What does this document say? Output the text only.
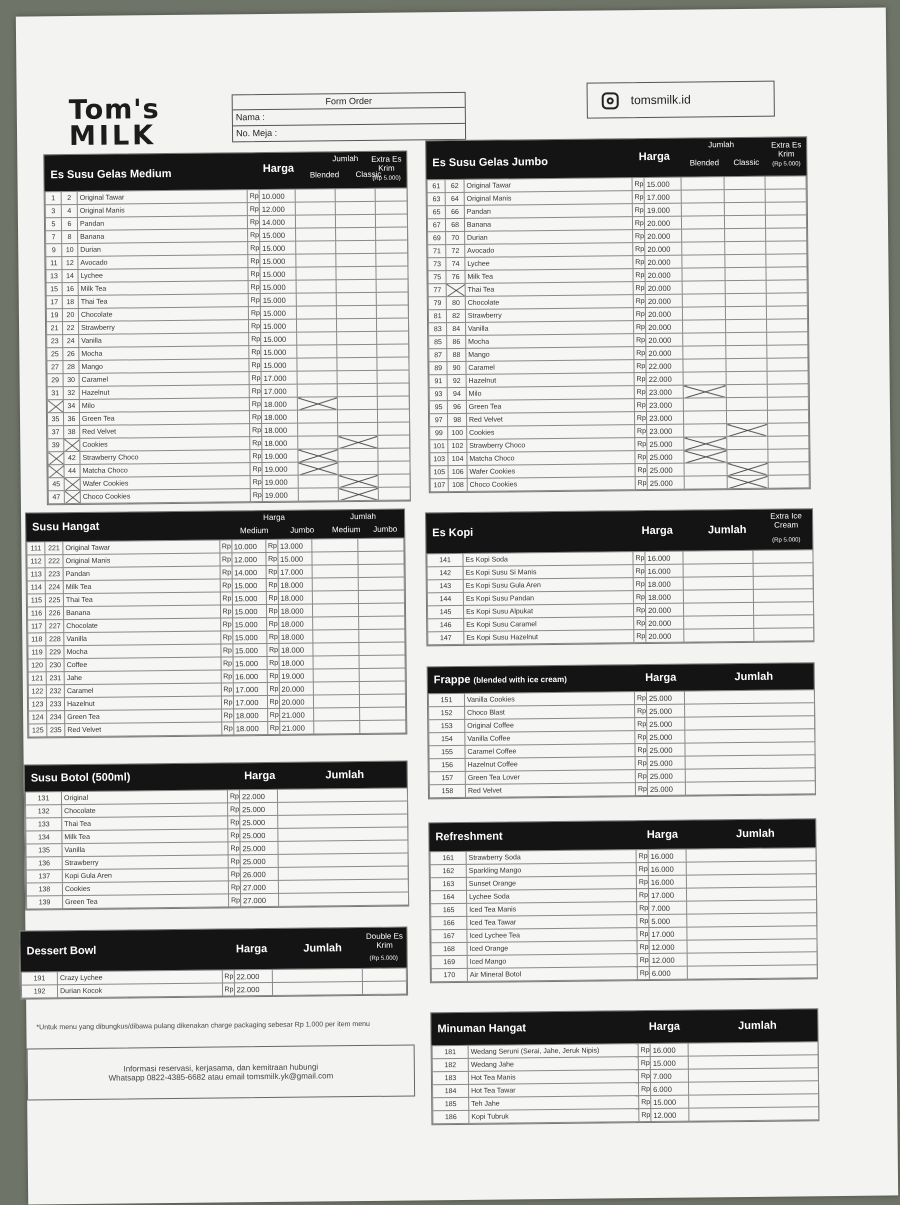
Tom's
MILK
Form Order
Nama :
No. Meja :
tomsmilk.id
Es Susu Gelas Medium	Harga
Jumlah
Blended	Classic
Extra Es Krim
(Rp 5.000)
1	2	Original Tawar	Rp	10.000			
3	4	Original Manis	Rp	12.000			
5	6	Pandan	Rp	14.000			
7	8	Banana	Rp	15.000			
9	10	Durian	Rp	15.000			
11	12	Avocado	Rp	15.000			
13	14	Lychee	Rp	15.000			
15	16	Milk Tea	Rp	15.000			
17	18	Thai Tea	Rp	15.000			
19	20	Chocolate	Rp	15.000			
21	22	Strawberry	Rp	15.000			
23	24	Vanilla	Rp	15.000			
25	26	Mocha	Rp	15.000			
27	28	Mango	Rp	15.000			
29	30	Caramel	Rp	17.000			
31	32	Hazelnut	Rp	17.000			
	34	Milo	Rp	18.000			
35	36	Green Tea	Rp	18.000			
37	38	Red Velvet	Rp	18.000			
39		Cookies	Rp	18.000			
	42	Strawberry Choco	Rp	19.000			
	44	Matcha Choco	Rp	19.000			
45		Wafer Cookies	Rp	19.000			
47		Choco Cookies	Rp	19.000			
Es Susu Gelas Jumbo	Harga
Jumlah
Blended	Classic
Extra Es Krim
(Rp 5.000)
61	62	Original Tawar	Rp	15.000			
63	64	Original Manis	Rp	17.000			
65	66	Pandan	Rp	19.000			
67	68	Banana	Rp	20.000			
69	70	Durian	Rp	20.000			
71	72	Avocado	Rp	20.000			
73	74	Lychee	Rp	20.000			
75	76	Milk Tea	Rp	20.000			
77		Thai Tea	Rp	20.000			
79	80	Chocolate	Rp	20.000			
81	82	Strawberry	Rp	20.000			
83	84	Vanilla	Rp	20.000			
85	86	Mocha	Rp	20.000			
87	88	Mango	Rp	20.000			
89	90	Caramel	Rp	22.000			
91	92	Hazelnut	Rp	22.000			
93	94	Milo	Rp	23.000			
95	96	Green Tea	Rp	23.000			
97	98	Red Velvet	Rp	23.000			
99	100	Cookies	Rp	23.000			
101	102	Strawberry Choco	Rp	25.000			
103	104	Matcha Choco	Rp	25.000			
105	106	Wafer Cookies	Rp	25.000			
107	108	Choco Cookies	Rp	25.000			
Susu Hangat
Harga	Jumlah
Medium	Jumbo	Medium	Jumbo
111	221	Original Tawar	Rp	10.000	Rp	13.000		
112	222	Original Manis	Rp	12.000	Rp	15.000		
113	223	Pandan	Rp	14.000	Rp	17.000		
114	224	Milk Tea	Rp	15.000	Rp	18.000		
115	225	Thai Tea	Rp	15.000	Rp	18.000		
116	226	Banana	Rp	15.000	Rp	18.000		
117	227	Chocolate	Rp	15.000	Rp	18.000		
118	228	Vanilla	Rp	15.000	Rp	18.000		
119	229	Mocha	Rp	15.000	Rp	18.000		
120	230	Coffee	Rp	15.000	Rp	18.000		
121	231	Jahe	Rp	16.000	Rp	19.000		
122	232	Caramel	Rp	17.000	Rp	20.000		
123	233	Hazelnut	Rp	17.000	Rp	20.000		
124	234	Green Tea	Rp	18.000	Rp	21.000		
125	235	Red Velvet	Rp	18.000	Rp	21.000		
Es Kopi	Harga	Jumlah
Extra Ice Cream
(Rp 5.000)
141	Es Kopi Soda	Rp	16.000		
142	Es Kopi Susu Si Manis	Rp	16.000		
143	Es Kopi Susu Gula Aren	Rp	18.000		
144	Es Kopi Susu Pandan	Rp	18.000		
145	Es Kopi Susu Alpukat	Rp	20.000		
146	Es Kopi Susu Caramel	Rp	20.000		
147	Es Kopi Susu Hazelnut	Rp	20.000		
Frappe (blended with ice cream)	Harga	Jumlah
151	Vanilla Cookies	Rp	25.000	
152	Choco Blast	Rp	25.000	
153	Original Coffee	Rp	25.000	
154	Vanilla Coffee	Rp	25.000	
155	Caramel Coffee	Rp	25.000	
156	Hazelnut Coffee	Rp	25.000	
157	Green Tea Lover	Rp	25.000	
158	Red Velvet	Rp	25.000	
Susu Botol (500ml)	Harga	Jumlah
131	Original	Rp	22.000	
132	Chocolate	Rp	25.000	
133	Thai Tea	Rp	25.000	
134	Milk Tea	Rp	25.000	
135	Vanilla	Rp	25.000	
136	Strawberry	Rp	25.000	
137	Kopi Gula Aren	Rp	26.000	
138	Cookies	Rp	27.000	
139	Green Tea	Rp	27.000	
Refreshment	Harga	Jumlah
161	Strawberry Soda	Rp	16.000	
162	Sparkling Mango	Rp	16.000	
163	Sunset Orange	Rp	16.000	
164	Lychee Soda	Rp	17.000	
165	Iced Tea Manis	Rp	7.000	
166	Iced Tea Tawar	Rp	5.000	
167	Iced Lychee Tea	Rp	17.000	
168	Iced Orange	Rp	12.000	
169	Iced Mango	Rp	12.000	
170	Air Mineral Botol	Rp	6.000	
Dessert Bowl	Harga	Jumlah
Double Es Krim
(Rp 5.000)
191	Crazy Lychee	Rp	22.000		
192	Durian Kocok	Rp	22.000		
Minuman Hangat	Harga	Jumlah
181	Wedang Seruni (Serai, Jahe, Jeruk Nipis)	Rp	16.000	
182	Wedang Jahe	Rp	15.000	
183	Hot Tea Manis	Rp	7.000	
184	Hot Tea Tawar	Rp	6.000	
185	Teh Jahe	Rp	15.000	
186	Kopi Tubruk	Rp	12.000	
*Untuk menu yang dibungkus/dibawa pulang dikenakan charge packaging sebesar Rp 1.000 per item menu
Informasi reservasi, kerjasama, dan kemitraan hubungi
Whatsapp 0822-4385-6682 atau email tomsmilk.yk@gmail.com
